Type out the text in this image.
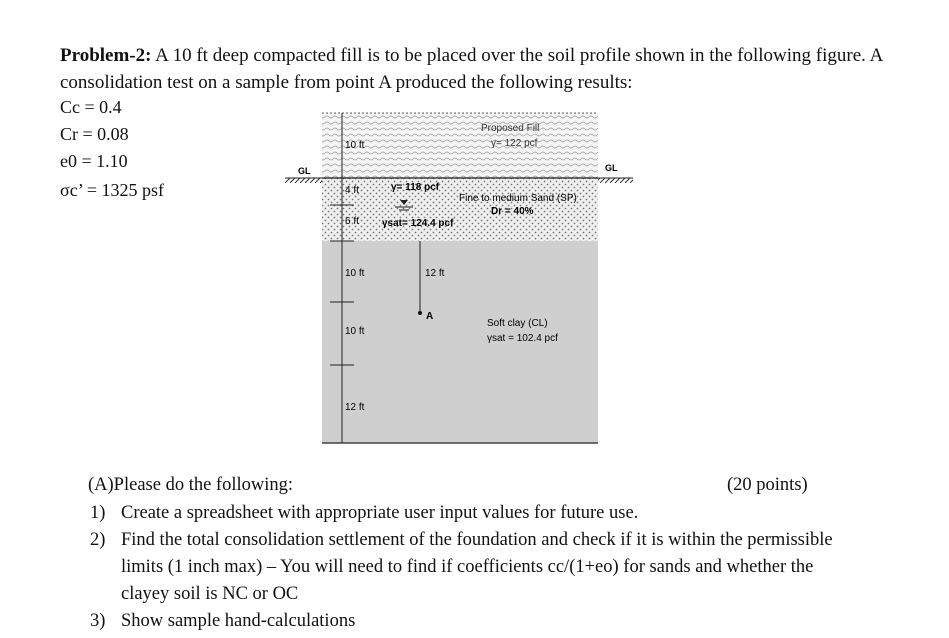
Problem-2: A 10 ft deep compacted fill is to be placed over the soil profile shown in the following figure. A consolidation test on a sample from point A produced the following results:
Cc = 0.4
Cr = 0.08
e0 = 1.10
σc’ = 1325 psf
GL	GL
10 ft
Proposed Fill
γ= 122 pcf
4 ft	γ= 118 pcf
Fine to medium Sand (SP)
Dr = 40%
6 ft γsat= 124.4 pcf
10 ft
10 ft
12 ft
12 ft
A
Soft clay (CL)
γsat = 102.4 pcf
(A)Please do the following:	(20 points)
1) Create a spreadsheet with appropriate user input values for future use.
2) Find the total consolidation settlement of the foundation and check if it is within the permissible limits (1 inch max) – You will need to find if coefficients cc/(1+eo) for sands and whether the clayey soil is NC or OC
3) Show sample hand-calculations
